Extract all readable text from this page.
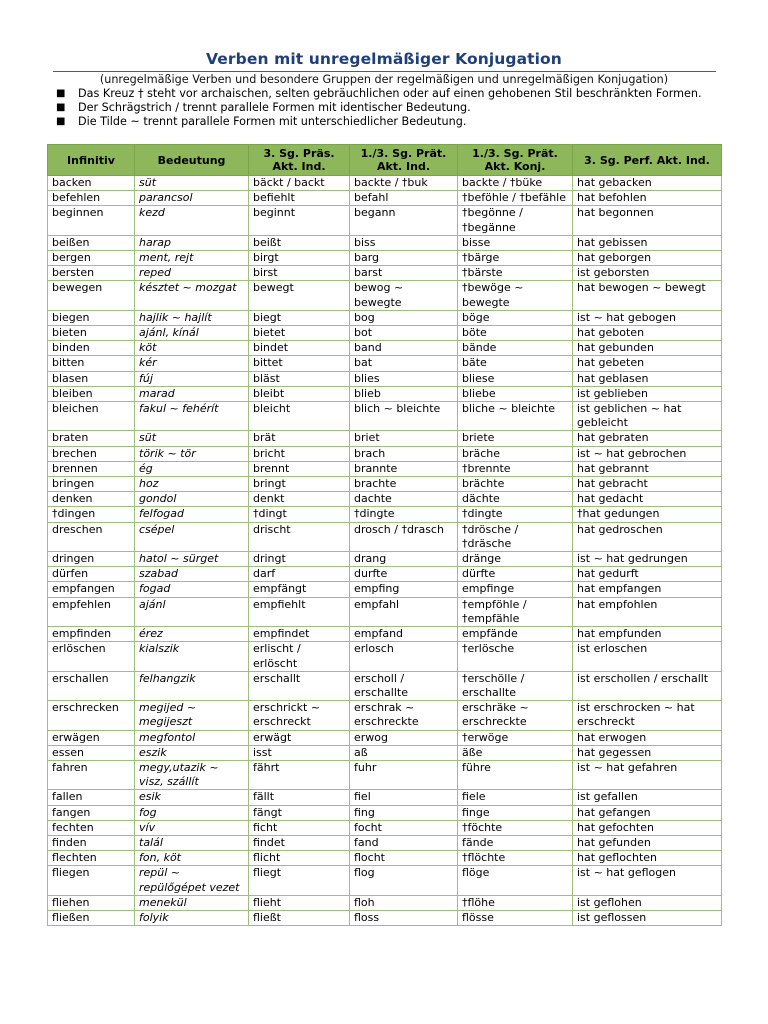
Verben mit unregelmäßiger Konjugation
(unregelmäßige Verben und besondere Gruppen der regelmäßigen und unregelmäßigen Konjugation)
■ Das Kreuz † steht vor archaischen, selten gebräuchlichen oder auf einen gehobenen Stil beschränkten Formen.
■ Der Schrägstrich / trennt parallele Formen mit identischer Bedeutung.
■ Die Tilde ~ trennt parallele Formen mit unterschiedlicher Bedeutung.
Infinitiv	Bedeutung	3. Sg. Präs. Akt. Ind.	1./3. Sg. Prät. Akt. Ind.	1./3. Sg. Prät. Akt. Konj.	3. Sg. Perf. Akt. Ind.
backen	süt	bäckt / backt	backte / †buk	backte / †büke	hat gebacken
befehlen	parancsol	befiehlt	befahl	†beföhle / †befähle	hat befohlen
beginnen	kezd	beginnt	begann	†begönne / †begänne	hat begonnen
beißen	harap	beißt	biss	bisse	hat gebissen
bergen	ment, rejt	birgt	barg	†bärge	hat geborgen
bersten	reped	birst	barst	†bärste	ist geborsten
bewegen	késztet ~ mozgat	bewegt	bewog ~ bewegte	†bewöge ~ bewegte	hat bewogen ~ bewegt
biegen	hajlik ~ hajlít	biegt	bog	böge	ist ~ hat gebogen
bieten	ajánl, kínál	bietet	bot	böte	hat geboten
binden	köt	bindet	band	bände	hat gebunden
bitten	kér	bittet	bat	bäte	hat gebeten
blasen	fúj	bläst	blies	bliese	hat geblasen
bleiben	marad	bleibt	blieb	bliebe	ist geblieben
bleichen	fakul ~ fehérít	bleicht	blich ~ bleichte	bliche ~ bleichte	ist geblichen ~ hat gebleicht
braten	süt	brät	briet	briete	hat gebraten
brechen	törik ~ tör	bricht	brach	bräche	ist ~ hat gebrochen
brennen	ég	brennt	brannte	†brennte	hat gebrannt
bringen	hoz	bringt	brachte	brächte	hat gebracht
denken	gondol	denkt	dachte	dächte	hat gedacht
†dingen	felfogad	†dingt	†dingte	†dingte	†hat gedungen
dreschen	csépel	drischt	drosch / †drasch	†drösche / †dräsche	hat gedroschen
dringen	hatol ~ sürget	dringt	drang	dränge	ist ~ hat gedrungen
dürfen	szabad	darf	durfte	dürfte	hat gedurft
empfangen	fogad	empfängt	empfing	empfinge	hat empfangen
empfehlen	ajánl	empfiehlt	empfahl	†empföhle / †empfähle	hat empfohlen
empfinden	érez	empfindet	empfand	empfände	hat empfunden
erlöschen	kialszik	erlischt / erlöscht	erlosch	†erlösche	ist erloschen
erschallen	felhangzik	erschallt	erscholl / erschallte	†erschölle / erschallte	ist erschollen / erschallt
erschrecken	megijed ~ megijeszt	erschrickt ~ erschreckt	erschrak ~ erschreckte	erschräke ~ erschreckte	ist erschrocken ~ hat erschreckt
erwägen	megfontol	erwägt	erwog	†erwöge	hat erwogen
essen	eszik	isst	aß	äße	hat gegessen
fahren	megy,utazik ~ visz, szállít	fährt	fuhr	führe	ist ~ hat gefahren
fallen	esik	fällt	fiel	fiele	ist gefallen
fangen	fog	fängt	fing	finge	hat gefangen
fechten	vív	ficht	focht	†föchte	hat gefochten
finden	talál	findet	fand	fände	hat gefunden
flechten	fon, köt	flicht	flocht	†flöchte	hat geflochten
fliegen	repül ~ repülőgépet vezet	fliegt	flog	flöge	ist ~ hat geflogen
fliehen	menekül	flieht	floh	†flöhe	ist geflohen
fließen	folyik	fließt	floss	flösse	ist geflossen
